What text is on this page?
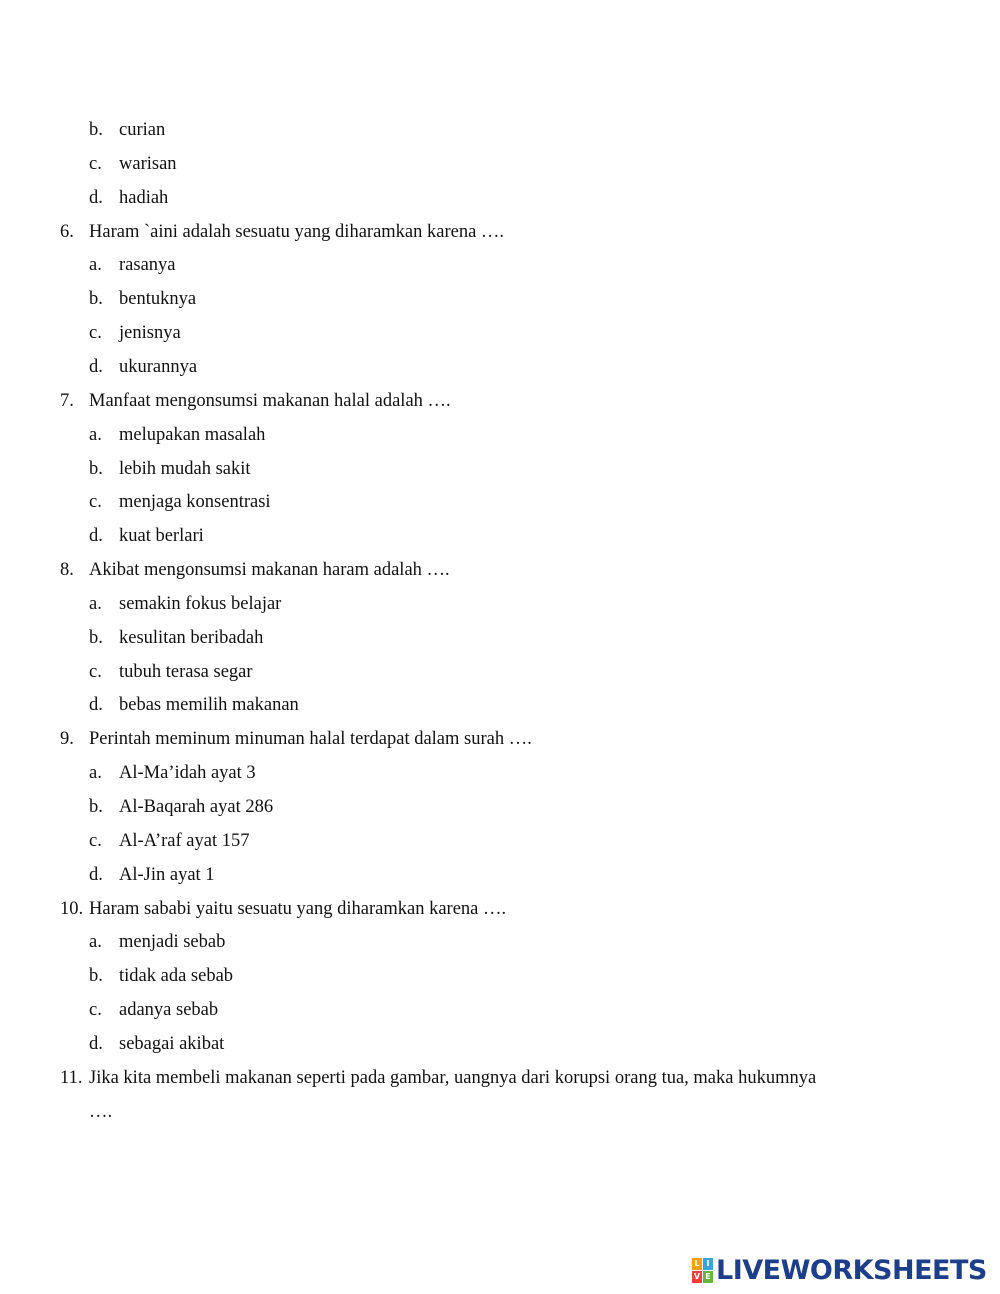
b. curian
c. warisan
d. hadiah
6. Haram `aini adalah sesuatu yang diharamkan karena ….
a. rasanya
b. bentuknya
c. jenisnya
d. ukurannya
7. Manfaat mengonsumsi makanan halal adalah ….
a. melupakan masalah
b. lebih mudah sakit
c. menjaga konsentrasi
d. kuat berlari
8. Akibat mengonsumsi makanan haram adalah ….
a. semakin fokus belajar
b. kesulitan beribadah
c. tubuh terasa segar
d. bebas memilih makanan
9. Perintah meminum minuman halal terdapat dalam surah ….
a. Al-Ma’idah ayat 3
b. Al-Baqarah ayat 286
c. Al-A’raf ayat 157
d. Al-Jin ayat 1
10. Haram sababi yaitu sesuatu yang diharamkan karena ….
a. menjadi sebab
b. tidak ada sebab
c. adanya sebab
d. sebagai akibat
11. Jika kita membeli makanan seperti pada gambar, uangnya dari korupsi orang tua, maka hukumnya
….
L I
V E LIVEWORKSHEETS
